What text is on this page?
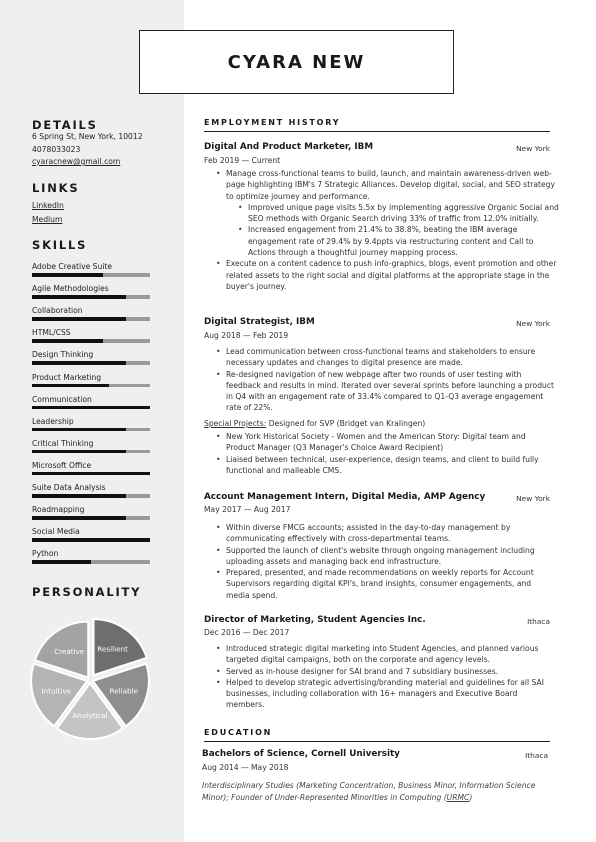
CYARA NEW
DETAILS
6 Spring St, New York, 10012
4078033023
cyaracnew@gmail.com
LINKS
LinkedIn
Medium
SKILLS
Adobe Creative Suite
Agile Methodologies
Collaboration
HTML/CSS
Design Thinking
Product Marketing
Communication
Leadership
Critical Thinking
Microsoft Office
Suite Data Analysis
Roadmapping
Social Media
Python
PERSONALITY
Resilient
Reliable
Analytical
Intuitive
Creative
EMPLOYMENT HISTORY
Digital And Product Marketer, IBM	New York
Feb 2019 — Current
• Manage cross-functional teams to build, launch, and maintain awareness-driven web-page highlighting IBM's 7 Strategic Alliances. Develop digital, social, and SEO strategy to optimize journey and performance.
• Improved unique page visits 5.5x by implementing aggressive Organic Social and SEO methods with Organic Search driving 33% of traffic from 12.0% initially.
• Increased engagement from 21.4% to 38.8%, beating the IBM average engagement rate of 29.4% by 9.4ppts via restructuring content and Call to Actions through a thoughtful journey mapping process.
• Execute on a content cadence to push info-graphics, blogs, event promotion and other related assets to the right social and digital platforms at the appropriate stage in the buyer's journey.
Digital Strategist, IBM	New York
Aug 2018 — Feb 2019
• Lead communication between cross-functional teams and stakeholders to ensure necessary updates and changes to digital presence are made.
• Re-designed navigation of new webpage after two rounds of user testing with feedback and results in mind. Iterated over several sprints before launching a product in Q4 with an engagement rate of 33.4% compared to Q1-Q3 average engagement rate of 22%.
Special Projects: Designed for SVP (Bridget van Kralingen)
• New York Historical Society - Women and the American Story: Digital team and Product Manager (Q3 Manager's Choice Award Recipient)
• Liaised between technical, user-experience, design teams, and client to build fully functional and malleable CMS.
Account Management Intern, Digital Media, AMP Agency	New York
May 2017 — Aug 2017
• Within diverse FMCG accounts; assisted in the day-to-day management by communicating effectively with cross-departmental teams.
• Supported the launch of client's website through ongoing management including uploading assets and managing back end infrastructure.
• Prepared, presented, and made recommendations on weekly reports for Account Supervisors regarding digital KPI's, brand insights, consumer engagements, and media spend.
Director of Marketing, Student Agencies Inc.	Ithaca
Dec 2016 — Dec 2017
• Introduced strategic digital marketing into Student Agencies, and planned various targeted digital campaigns, both on the corporate and agency levels.
• Served as in-house designer for SAI brand and 7 subsidiary businesses.
• Helped to develop strategic advertising/branding material and guidelines for all SAI businesses, including collaboration with 16+ managers and Executive Board members.
EDUCATION
Bachelors of Science, Cornell University	Ithaca
Aug 2014 — May 2018
Interdisciplinary Studies (Marketing Concentration, Business Minor, Information Science Minor); Founder of Under-Represented Minorities in Computing (URMC)
